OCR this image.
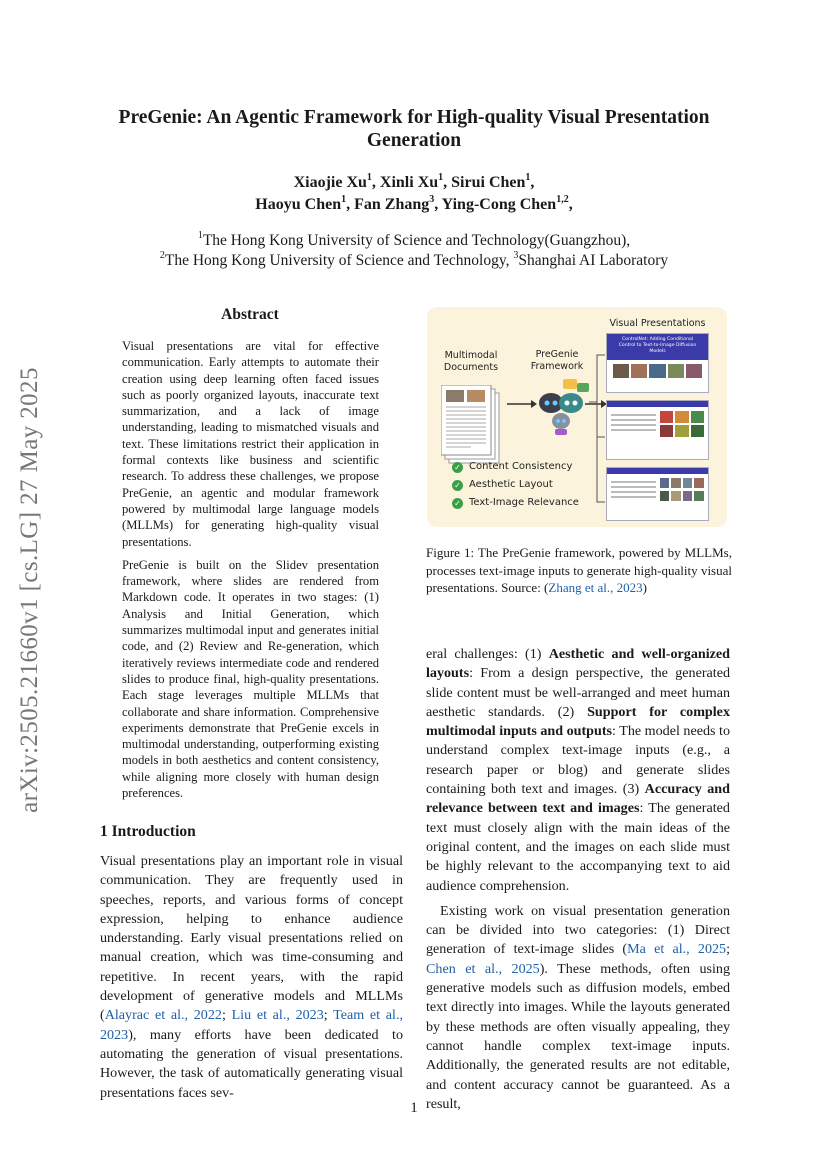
arXiv:2505.21660v1 [cs.LG] 27 May 2025
PreGenie: An Agentic Framework for High-quality Visual Presentation Generation
Xiaojie Xu$^1$, Xinli Xu$^1$, Sirui Chen$^1$,
Haoyu Chen$^1$, Fan Zhang$^3$, Ying-Cong Chen$^{1,2}$,
$^1$The Hong Kong University of Science and Technology(Guangzhou),
$^2$The Hong Kong University of Science and Technology, $^3$Shanghai AI Laboratory
Abstract

Visual presentations are vital for effective communication. Early attempts to automate their creation using deep learning often faced issues such as poorly organized layouts, inaccurate text summarization, and a lack of image understanding, leading to mismatched visuals and text. These limitations restrict their application in formal contexts like business and scientific research. To address these challenges, we propose PreGenie, an agentic and modular framework powered by multimodal large language models (MLLMs) for generating high-quality visual presentations.

PreGenie is built on the Slidev presentation framework, where slides are rendered from Markdown code. It operates in two stages: (1) Analysis and Initial Generation, which summarizes multimodal input and generates initial code, and (2) Review and Re-generation, which iteratively reviews intermediate code and rendered slides to produce final, high-quality presentations. Each stage leverages multiple MLLMs that collaborate and share information. Comprehensive experiments demonstrate that PreGenie excels in multimodal understanding, outperforming existing models in both aesthetics and content consistency, while aligning more closely with human design preferences.

1 Introduction

Visual presentations play an important role in visual communication. They are frequently used in speeches, reports, and various forms of concept expression, helping to enhance audience understanding. Early visual presentations relied on manual creation, which was time-consuming and repetitive. In recent years, with the rapid development of generative models and MLLMs (Alayrac et al., 2022; Liu et al., 2023; Team et al., 2023), many efforts have been dedicated to automating the generation of visual presentations. However, the task of automatically generating visual presentations faces sev-

Visual Presentations
Multimodal Documents
PreGenie Framework
ControlNet: Adding Conditional Control to Text-to-Image Diffusion Models
✓ Content Consistency
✓ Aesthetic Layout
✓ Text-Image Relevance
Figure 1: The PreGenie framework, powered by MLLMs, processes text-image inputs to generate high-quality visual presentations. Source: (Zhang et al., 2023)

eral challenges: (1) Aesthetic and well-organized layouts: From a design perspective, the generated slide content must be well-arranged and meet human aesthetic standards. (2) Support for complex multimodal inputs and outputs: The model needs to understand complex text-image inputs (e.g., a research paper or blog) and generate slides containing both text and images. (3) Accuracy and relevance between text and images: The generated text must closely align with the main ideas of the original content, and the images on each slide must be highly relevant to the accompanying text to aid audience comprehension.

Existing work on visual presentation generation can be divided into two categories: (1) Direct generation of text-image slides (Ma et al., 2025; Chen et al., 2025). These methods, often using generative models such as diffusion models, embed text directly into images. While the layouts generated by these methods are often visually appealing, they cannot handle complex text-image inputs. Additionally, the generated results are not editable, and content accuracy cannot be guaranteed. As a result,

1
